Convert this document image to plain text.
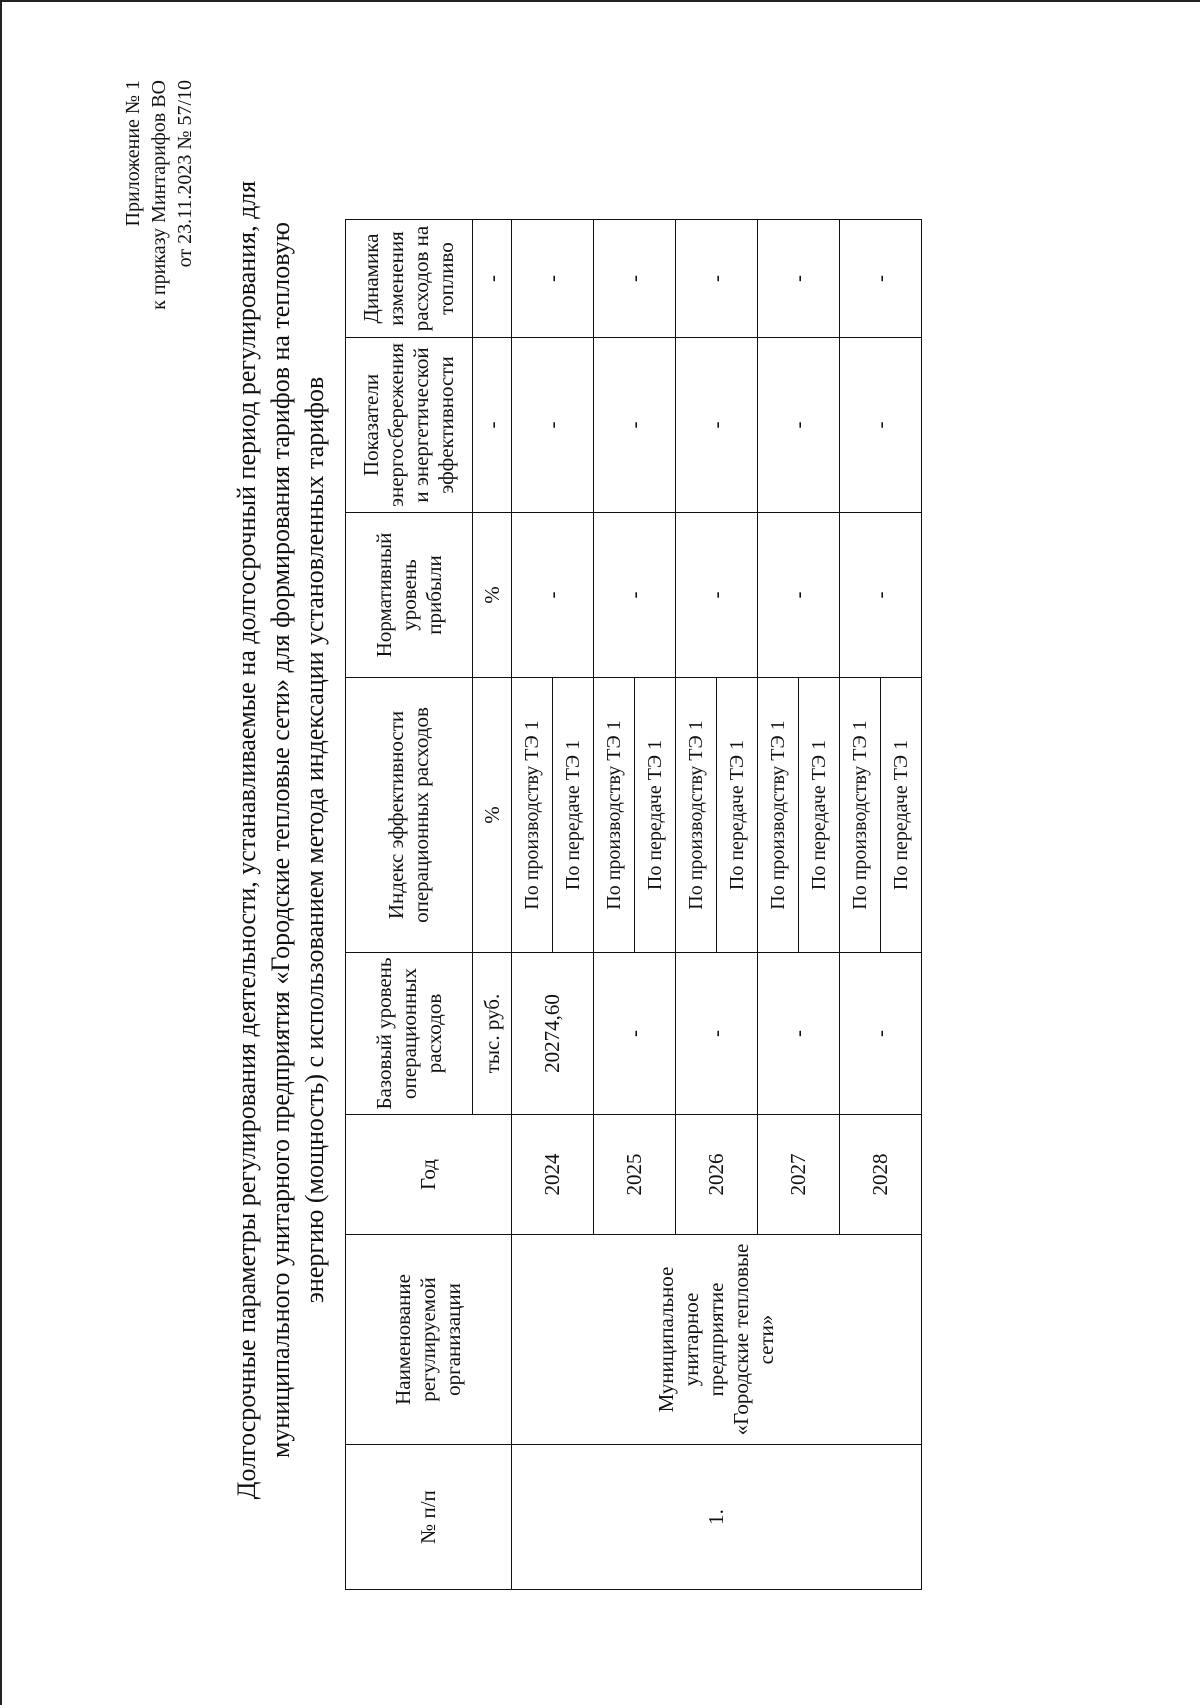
Приложение № 1 к приказу Минтарифов ВО от 23.11.2023 № 57/10
Долгосрочные параметры регулирования деятельности, устанавливаемые на долгосрочный период регулирования, для муниципального унитарного предприятия «Городские тепловые сети» для формирования тарифов на тепловую энергию (мощность) с использованием метода индексации установленных тарифов
№ п/п	Наименование регулируемой организации	Год	Базовый уровень операционных расходов	Индекс эффективности операционных расходов	Нормативный уровень прибыли	Показатели энергосбережения и энергетической эффективности	Динамика изменения расходов на топливо
			тыс. руб.	%	%	-	-
1.	Муниципальное унитарное предприятие «Городские тепловые сети»	2024	20274,60	По производству ТЭ 1	-	-	-
				По передаче ТЭ 1			
		2025	-	По производству ТЭ 1	-	-	-
				По передаче ТЭ 1			
		2026	-	По производству ТЭ 1	-	-	-
				По передаче ТЭ 1			
		2027	-	По производству ТЭ 1	-	-	-
				По передаче ТЭ 1			
		2028	-	По производству ТЭ 1	-	-	-
				По передаче ТЭ 1			
